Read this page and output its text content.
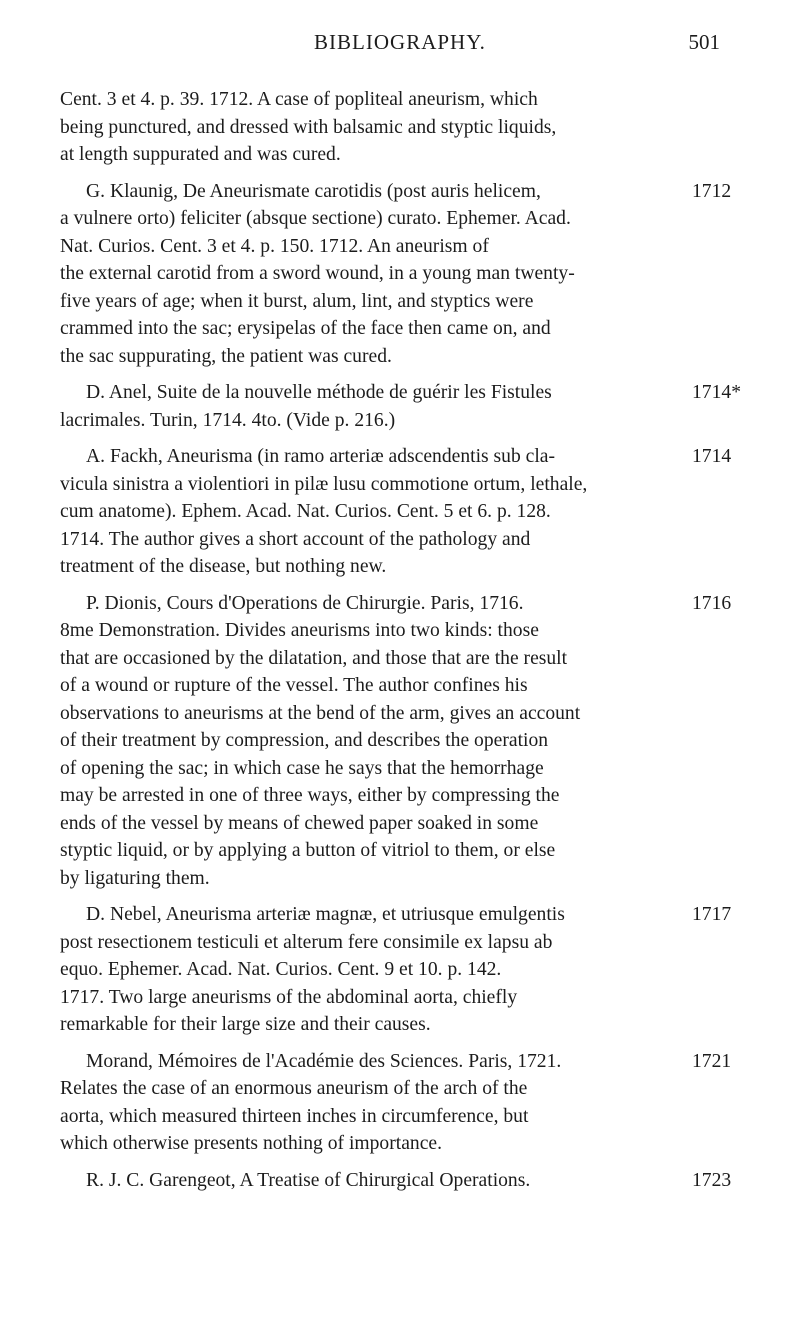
BIBLIOGRAPHY.	501
Cent. 3 et 4. p. 39. 1712. A case of popliteal aneurism, which
being punctured, and dressed with balsamic and styptic liquids,
at length suppurated and was cured.
1712
G. Klaunig, De Aneurismate carotidis (post auris helicem,
a vulnere orto) feliciter (absque sectione) curato. Ephemer. Acad.
Nat. Curios. Cent. 3 et 4. p. 150. 1712. An aneurism of
the external carotid from a sword wound, in a young man twenty-
five years of age; when it burst, alum, lint, and styptics were
crammed into the sac; erysipelas of the face then came on, and
the sac suppurating, the patient was cured.
1714*
D. Anel, Suite de la nouvelle méthode de guérir les Fistules
lacrimales. Turin, 1714. 4to. (Vide p. 216.)
1714
A. Fackh, Aneurisma (in ramo arteriæ adscendentis sub cla-
vicula sinistra a violentiori in pilæ lusu commotione ortum, lethale,
cum anatome). Ephem. Acad. Nat. Curios. Cent. 5 et 6. p. 128.
1714. The author gives a short account of the pathology and
treatment of the disease, but nothing new.
1716
P. Dionis, Cours d'Operations de Chirurgie. Paris, 1716.
8me Demonstration. Divides aneurisms into two kinds: those
that are occasioned by the dilatation, and those that are the result
of a wound or rupture of the vessel. The author confines his
observations to aneurisms at the bend of the arm, gives an account
of their treatment by compression, and describes the operation
of opening the sac; in which case he says that the hemorrhage
may be arrested in one of three ways, either by compressing the
ends of the vessel by means of chewed paper soaked in some
styptic liquid, or by applying a button of vitriol to them, or else
by ligaturing them.
1717
D. Nebel, Aneurisma arteriæ magnæ, et utriusque emulgentis
post resectionem testiculi et alterum fere consimile ex lapsu ab
equo. Ephemer. Acad. Nat. Curios. Cent. 9 et 10. p. 142.
1717. Two large aneurisms of the abdominal aorta, chiefly
remarkable for their large size and their causes.
1721
Morand, Mémoires de l'Académie des Sciences. Paris, 1721.
Relates the case of an enormous aneurism of the arch of the
aorta, which measured thirteen inches in circumference, but
which otherwise presents nothing of importance.
1723
R. J. C. Garengeot, A Treatise of Chirurgical Operations.
